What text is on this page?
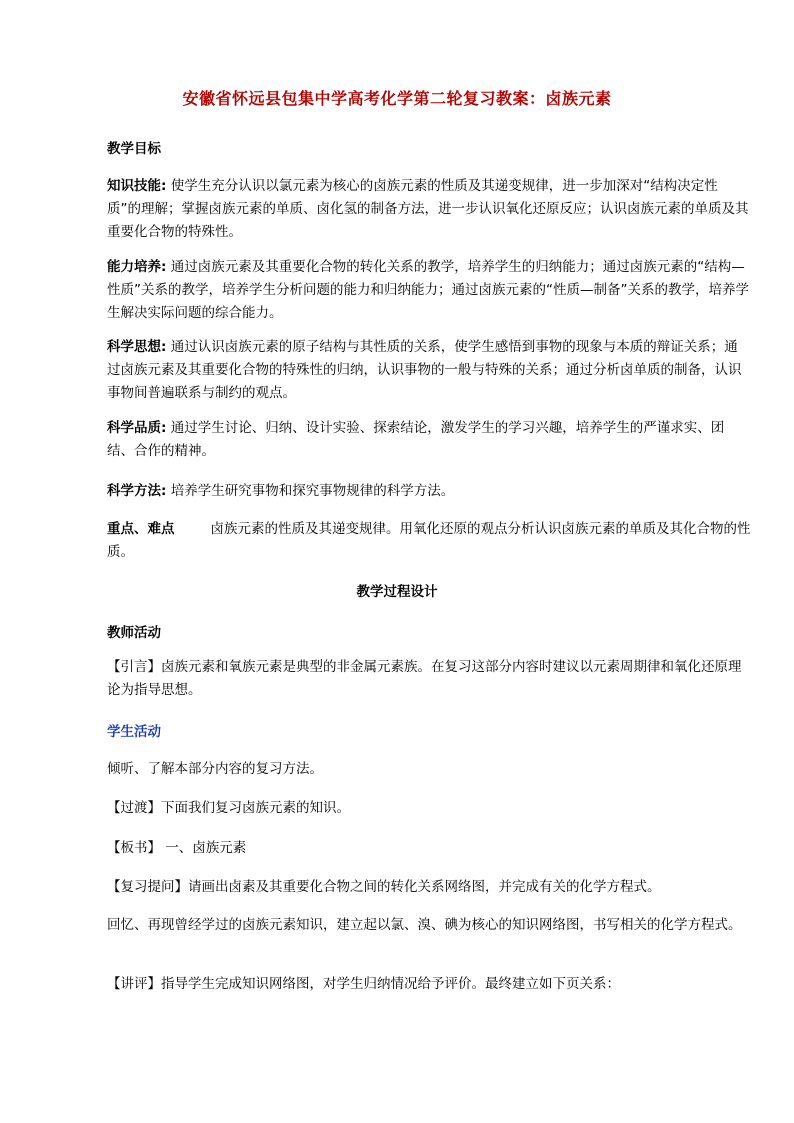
安徽省怀远县包集中学高考化学第二轮复习教案：卤族元素
教学目标
知识技能: 使学生充分认识以氯元素为核心的卤族元素的性质及其递变规律，进一步加深对“结构决定性质”的理解；掌握卤族元素的单质、卤化氢的制备方法，进一步认识氧化还原反应；认识卤族元素的单质及其重要化合物的特殊性。
能力培养: 通过卤族元素及其重要化合物的转化关系的教学，培养学生的归纳能力；通过卤族元素的“结构—性质”关系的教学，培养学生分析问题的能力和归纳能力；通过卤族元素的“性质—制备”关系的教学，培养学生解决实际问题的综合能力。
科学思想: 通过认识卤族元素的原子结构与其性质的关系，使学生感悟到事物的现象与本质的辩证关系；通过卤族元素及其重要化合物的特殊性的归纳，认识事物的一般与特殊的关系；通过分析卤单质的制备，认识事物间普遍联系与制约的观点。
科学品质: 通过学生讨论、归纳、设计实验、探索结论，激发学生的学习兴趣，培养学生的严谨求实、团结、合作的精神。
科学方法: 培养学生研究事物和探究事物规律的科学方法。
重点、难点	卤族元素的性质及其递变规律。用氧化还原的观点分析认识卤族元素的单质及其化合物的性质。
教学过程设计
教师活动
【引言】卤族元素和氧族元素是典型的非金属元素族。在复习这部分内容时建议以元素周期律和氧化还原理论为指导思想。
学生活动
倾听、了解本部分内容的复习方法。
【过渡】下面我们复习卤族元素的知识。
【板书】 一、卤族元素
【复习提问】请画出卤素及其重要化合物之间的转化关系网络图，并完成有关的化学方程式。
回忆、再现曾经学过的卤族元素知识，建立起以氯、溴、碘为核心的知识网络图，书写相关的化学方程式。
【讲评】指导学生完成知识网络图，对学生归纳情况给予评价。最终建立如下页关系：
